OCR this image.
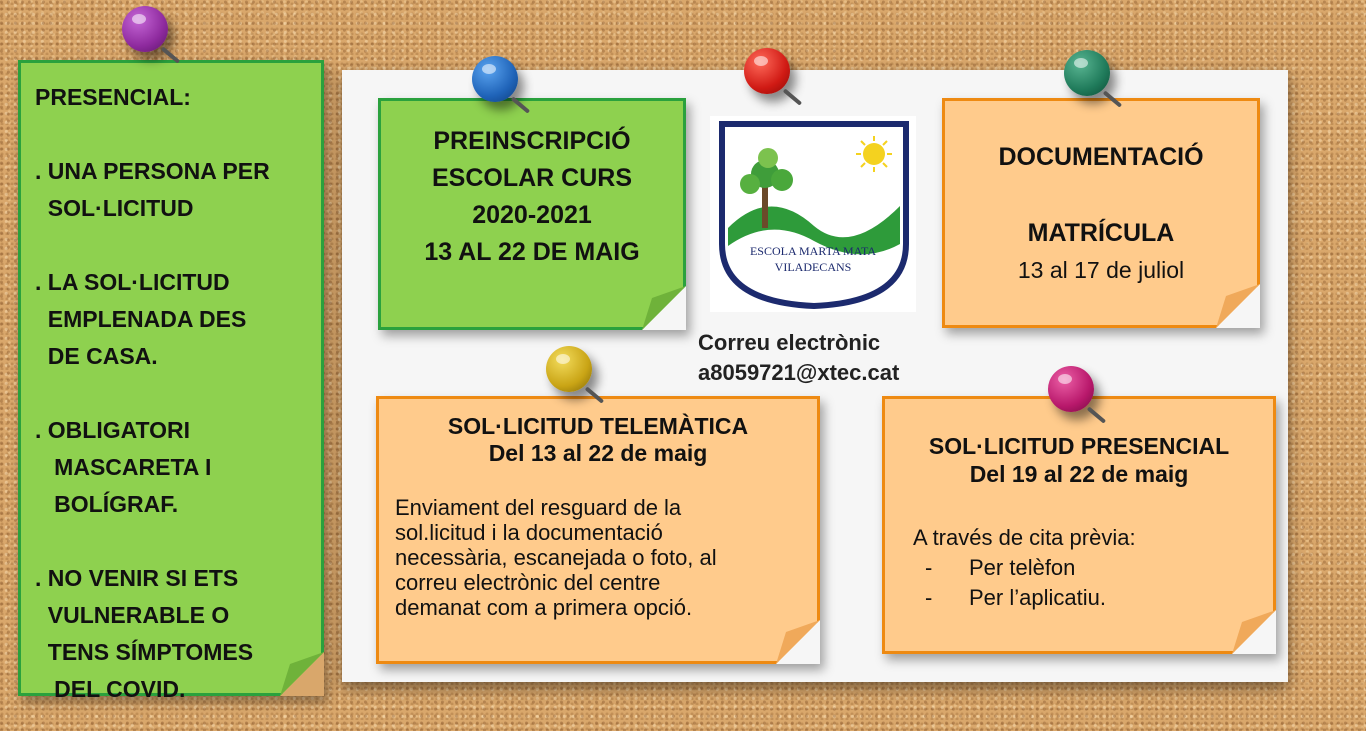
PRESENCIAL:

. UNA PERSONA PER
SOL·LICITUD

. LA SOL·LICITUD
EMPLENADA DES
DE CASA.

. OBLIGATORI
MASCARETA I
BOLÍGRAF.

. NO VENIR SI ETS
VULNERABLE O
TENS SÍMPTOMES
DEL COVID.
PREINSCRIPCIÓ
ESCOLAR CURS
2020-2021
13 AL 22 DE MAIG	ESCOLA MARTA MATA
VILADECANS
Correu electrònic
a8059721@xtec.cat
DOCUMENTACIÓ
MATRÍCULA
13 al 17 de juliol
SOL·LICITUD TELEMÀTICA
Del 13 al 22 de maig
Enviament del resguard de la
sol.licitud i la documentació
necessària, escanejada o foto, al
correu electrònic del centre
demanat com a primera opció.
SOL·LICITUD PRESENCIAL
Del 19 al 22 de maig
A través de cita prèvia:
-	Per telèfon
-	Per l’aplicatiu.
